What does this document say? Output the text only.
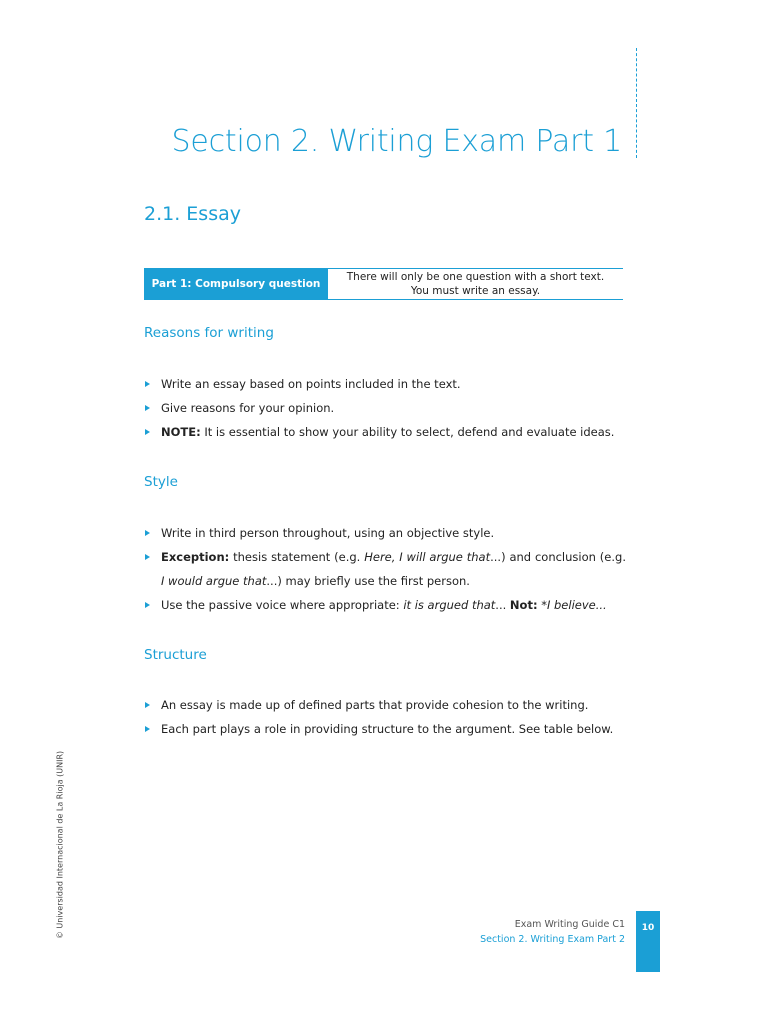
Section 2. Writing Exam Part 1
2.1. Essay
Part 1: Compulsory question
There will only be one question with a short text.
You must write an essay.
Reasons for writing
Write an essay based on points included in the text.
Give reasons for your opinion.
NOTE: It is essential to show your ability to select, defend and evaluate ideas.
Style
Write in third person throughout, using an objective style.
Exception: thesis statement (e.g. Here, I will argue that...) and conclusion (e.g. I would argue that...) may briefly use the first person.
Use the passive voice where appropriate: it is argued that... Not: *I believe...
Structure
An essay is made up of defined parts that provide cohesion to the writing.
Each part plays a role in providing structure to the argument. See table below.
© Universidad Internacional de La Rioja (UNIR)	Exam Writing Guide C1
Section 2. Writing Exam Part 2
10
